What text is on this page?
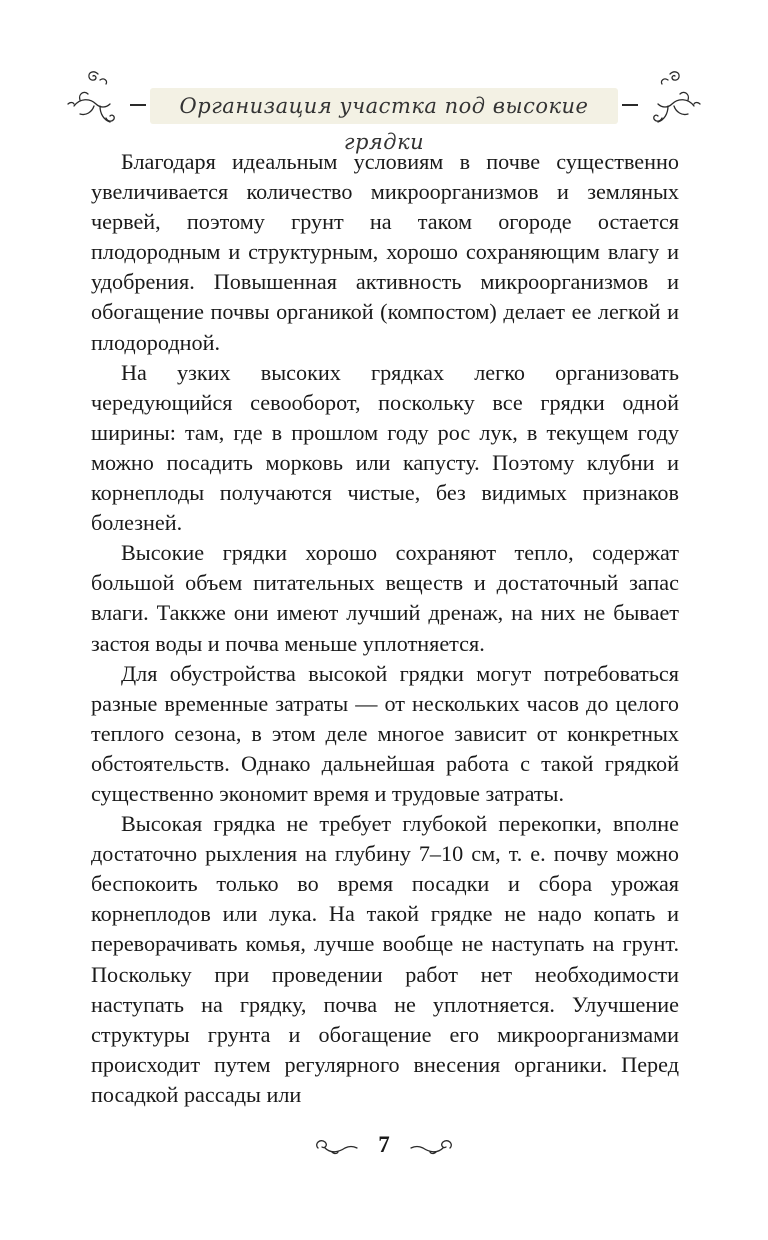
Организация участка под высокие грядки

Благодаря идеальным условиям в почве существенно увеличивается количество микроорганизмов и земляных червей, поэтому грунт на таком огороде остается плодородным и структурным, хорошо сохраняющим влагу и удобрения. Повышенная активность микроорганизмов и обогащение почвы органикой (компостом) делает ее легкой и плодородной.

На узких высоких грядках легко организовать чередующийся севооборот, поскольку все грядки одной ширины: там, где в прошлом году рос лук, в текущем году можно посадить морковь или капусту. Поэтому клубни и корнеплоды получаются чистые, без видимых признаков болезней.

Высокие грядки хорошо сохраняют тепло, содержат большой объем питательных веществ и достаточный запас влаги. Таккже они имеют лучший дренаж, на них не бывает застоя воды и почва меньше уплотняется.

Для обустройства высокой грядки могут потребоваться разные временные затраты — от нескольких часов до целого теплого сезона, в этом деле многое зависит от конкретных обстоятельств. Однако дальнейшая работа с такой грядкой существенно экономит время и трудовые затраты.

Высокая грядка не требует глубокой перекопки, вполне достаточно рыхления на глубину 7–10 см, т. е. почву можно беспокоить только во время посадки и сбора урожая корнеплодов или лука. На такой грядке не надо копать и переворачивать комья, лучше вообще не наступать на грунт. Поскольку при проведении работ нет необходимости наступать на грядку, почва не уплотняется. Улучшение структуры грунта и обогащение его микроорганизмами происходит путем регулярного внесения органики. Перед посадкой рассады или

7
